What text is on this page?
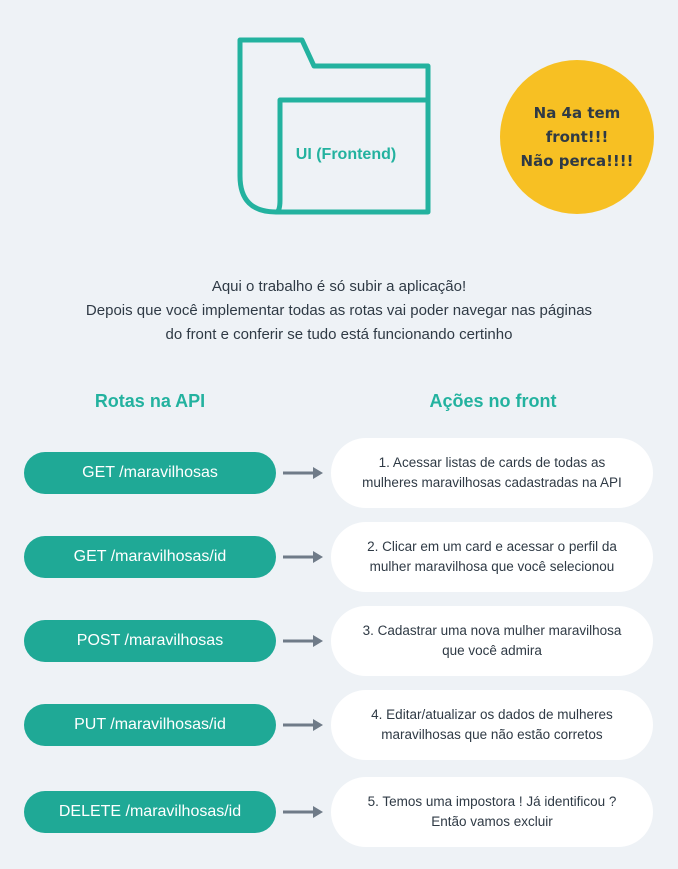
UI (Frontend)
Na 4a tem
front!!!
Não perca!!!!
Aqui o trabalho é só subir a aplicação!
Depois que você implementar todas as rotas vai poder navegar nas páginas
do front e conferir se tudo está funcionando certinho
Rotas na API	Ações no front
GET /maravilhosas
1. Acessar listas de cards de todas as
mulheres maravilhosas cadastradas na API
GET /maravilhosas/id
2. Clicar em um card e acessar o perfil da
mulher maravilhosa que você selecionou
POST /maravilhosas
3. Cadastrar uma nova mulher maravilhosa
que você admira
PUT /maravilhosas/id
4. Editar/atualizar os dados de mulheres
maravilhosas que não estão corretos
DELETE /maravilhosas/id
5. Temos uma impostora ! Já identificou ?
Então vamos excluir
